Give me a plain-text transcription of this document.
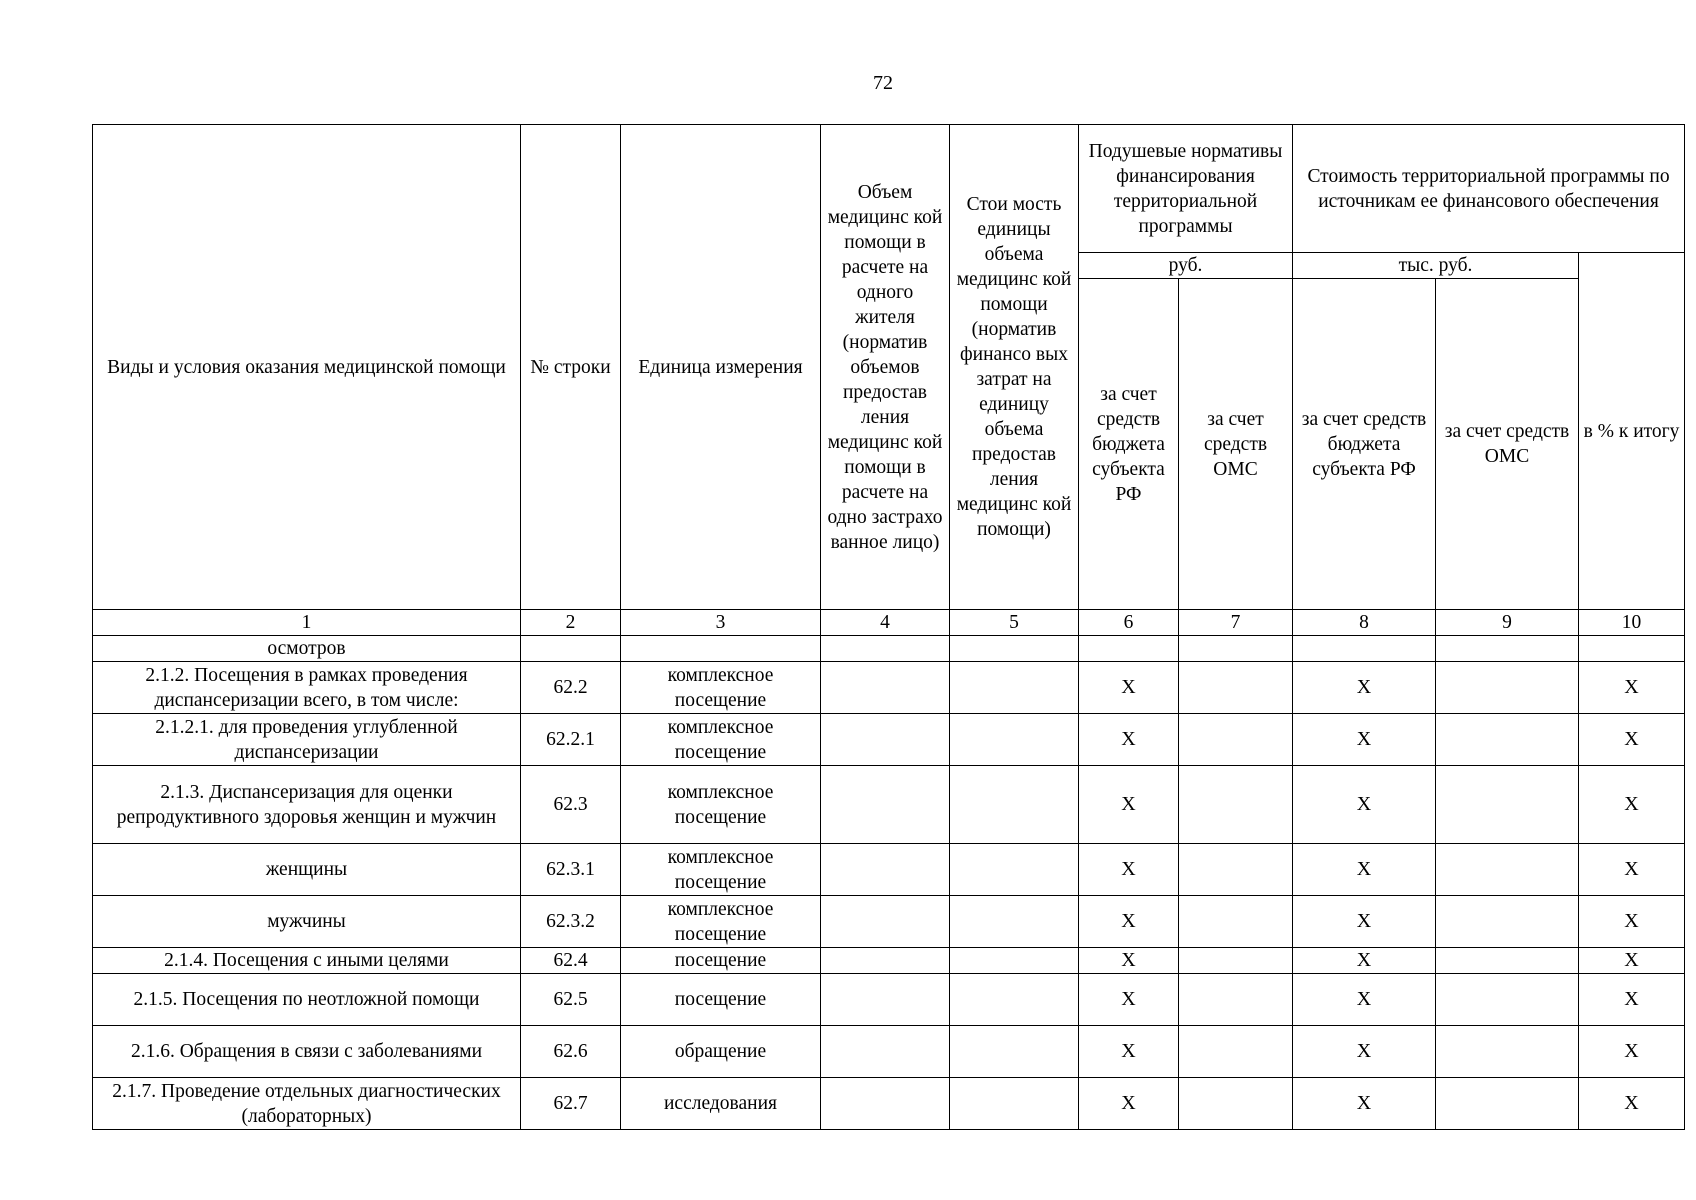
72
Виды и условия оказания медицинской помощи	№ строки	Единица измерения	Объем медицинс кой помощи в расчете на одного жителя (норматив объемов предостав ления медицинс кой помощи в расчете на одно застрахо ванное лицо)	Стои мость единицы объема медицинс кой помощи (норматив финансо вых затрат на единицу объема предостав ления медицинс кой помощи)	Подушевые нормативы финансирования территориальной программы		Стоимость территориальной программы по источникам ее финансового обеспечения		
					руб.		тыс. руб.		в % к итогу
					за счет средств бюджета субъекта РФ	за счет средств ОМС	за счет средств бюджета субъекта РФ	за счет средств ОМС	
1	2	3	4	5	6	7	8	9	10
осмотров									
2.1.2. Посещения в рамках проведения диспансеризации всего, в том числе:	62.2	комплексное посещение			X		X		X
2.1.2.1. для проведения углубленной диспансеризации	62.2.1	комплексное посещение			X		X		X
2.1.3. Диспансеризация для оценки репродуктивного здоровья женщин и мужчин	62.3	комплексное посещение			X		X		X
женщины	62.3.1	комплексное посещение			X		X		X
мужчины	62.3.2	комплексное посещение			X		X		X
2.1.4. Посещения с иными целями	62.4	посещение			X		X		X
2.1.5. Посещения по неотложной помощи	62.5	посещение			X		X		X
2.1.6. Обращения в связи с заболеваниями	62.6	обращение			X		X		X
2.1.7. Проведение отдельных диагностических (лабораторных)	62.7	исследования			X		X		X
